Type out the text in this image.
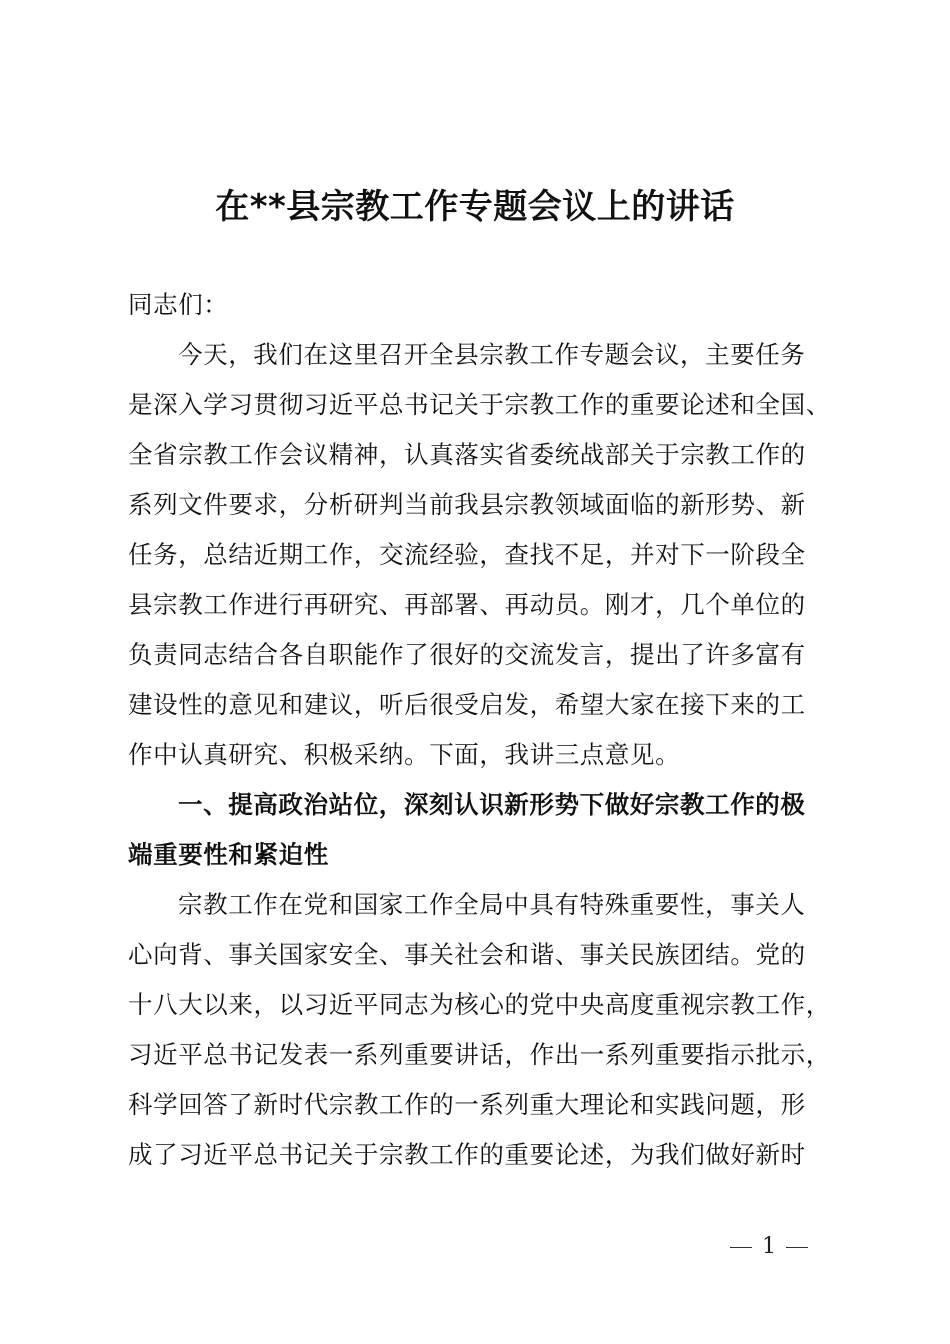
在**县宗教工作专题会议上的讲话
同志们：
今天，我们在这里召开全县宗教工作专题会议，主要任务
是深入学习贯彻习近平总书记关于宗教工作的重要论述和全国、
全省宗教工作会议精神，认真落实省委统战部关于宗教工作的
系列文件要求，分析研判当前我县宗教领域面临的新形势、新
任务，总结近期工作，交流经验，查找不足，并对下一阶段全
县宗教工作进行再研究、再部署、再动员。刚才，几个单位的
负责同志结合各自职能作了很好的交流发言，提出了许多富有
建设性的意见和建议，听后很受启发，希望大家在接下来的工
作中认真研究、积极采纳。下面，我讲三点意见。
一、提高政治站位，深刻认识新形势下做好宗教工作的极
端重要性和紧迫性
宗教工作在党和国家工作全局中具有特殊重要性，事关人
心向背、事关国家安全、事关社会和谐、事关民族团结。党的
十八大以来，以习近平同志为核心的党中央高度重视宗教工作，
习近平总书记发表一系列重要讲话，作出一系列重要指示批示，
科学回答了新时代宗教工作的一系列重大理论和实践问题，形
成了习近平总书记关于宗教工作的重要论述，为我们做好新时
1
